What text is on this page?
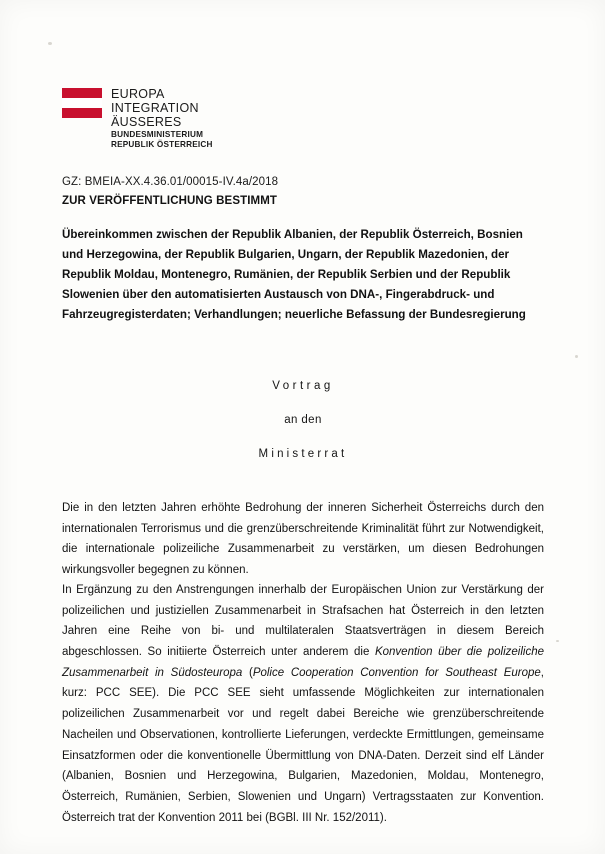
EUROPA
INTEGRATION
ÄUSSERES
BUNDESMINISTERIUM
REPUBLIK ÖSTERREICH
GZ: BMEIA-XX.4.36.01/00015-IV.4a/2018
ZUR VERÖFFENTLICHUNG BESTIMMT
Übereinkommen zwischen der Republik Albanien, der Republik Österreich, Bosnien und Herzegowina, der Republik Bulgarien, Ungarn, der Republik Mazedonien, der Republik Moldau, Montenegro, Rumänien, der Republik Serbien und der Republik Slowenien über den automatisierten Austausch von DNA-, Fingerabdruck- und Fahrzeugregisterdaten; Verhandlungen; neuerliche Befassung der Bundesregierung
Vortrag
an den
Ministerrat
Die in den letzten Jahren erhöhte Bedrohung der inneren Sicherheit Österreichs durch den internationalen Terrorismus und die grenzüberschreitende Kriminalität führt zur Notwendigkeit, die internationale polizeiliche Zusammenarbeit zu verstärken, um diesen Bedrohungen wirkungsvoller begegnen zu können.
In Ergänzung zu den Anstrengungen innerhalb der Europäischen Union zur Verstärkung der polizeilichen und justiziellen Zusammenarbeit in Strafsachen hat Österreich in den letzten Jahren eine Reihe von bi- und multilateralen Staatsverträgen in diesem Bereich abgeschlossen. So initiierte Österreich unter anderem die Konvention über die polizeiliche Zusammenarbeit in Südosteuropa (Police Cooperation Convention for Southeast Europe, kurz: PCC SEE). Die PCC SEE sieht umfassende Möglichkeiten zur internationalen polizeilichen Zusammenarbeit vor und regelt dabei Bereiche wie grenzüberschreitende Nacheilen und Observationen, kontrollierte Lieferungen, verdeckte Ermittlungen, gemeinsame Einsatzformen oder die konventionelle Übermittlung von DNA-Daten. Derzeit sind elf Länder (Albanien, Bosnien und Herzegowina, Bulgarien, Mazedonien, Moldau, Montenegro, Österreich, Rumänien, Serbien, Slowenien und Ungarn) Vertragsstaaten zur Konvention. Österreich trat der Konvention 2011 bei (BGBl. III Nr. 152/2011).
